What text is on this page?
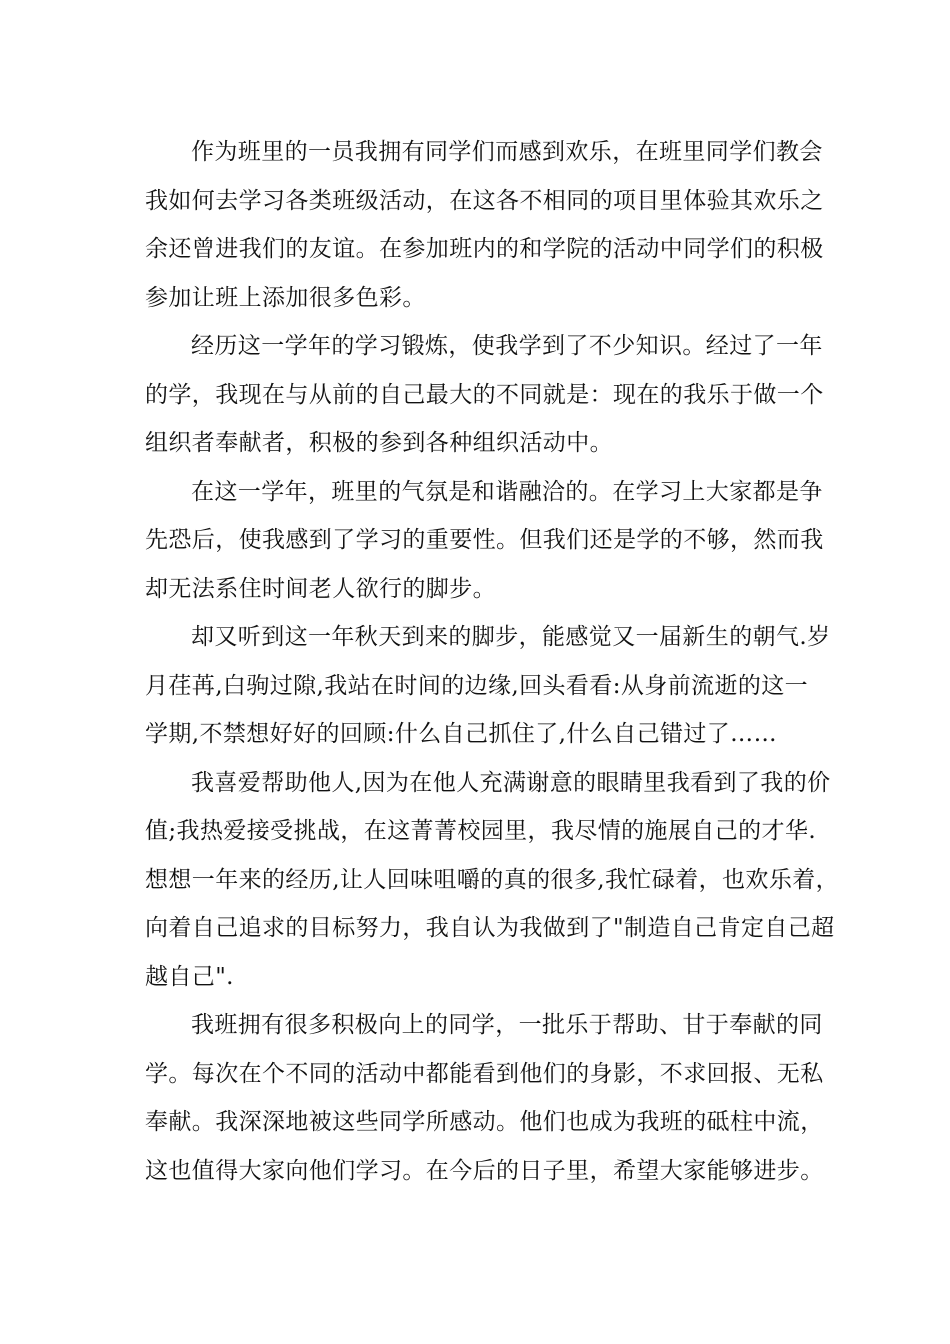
作为班里的一员我拥有同学们而感到欢乐，在班里同学们教会
我如何去学习各类班级活动，在这各不相同的项目里体验其欢乐之
余还曾进我们的友谊。在参加班内的和学院的活动中同学们的积极
参加让班上添加很多色彩。

经历这一学年的学习锻炼，使我学到了不少知识。经过了一年
的学，我现在与从前的自己最大的不同就是：现在的我乐于做一个
组织者奉献者，积极的参到各种组织活动中。

在这一学年，班里的气氛是和谐融洽的。在学习上大家都是争
先恐后，使我感到了学习的重要性。但我们还是学的不够，然而我
却无法系住时间老人欲行的脚步。

却又听到这一年秋天到来的脚步，能感觉又一届新生的朝气.岁
月荏苒,白驹过隙,我站在时间的边缘,回头看看:从身前流逝的这一
学期,不禁想好好的回顾:什么自己抓住了,什么自己错过了……

我喜爱帮助他人,因为在他人充满谢意的眼睛里我看到了我的价
值;我热爱接受挑战，在这菁菁校园里，我尽情的施展自己的才华.
想想一年来的经历,让人回味咀嚼的真的很多,我忙碌着，也欢乐着，
向着自己追求的目标努力，我自认为我做到了"制造自己肯定自己超
越自己".

我班拥有很多积极向上的同学，一批乐于帮助、甘于奉献的同
学。每次在个不同的活动中都能看到他们的身影，不求回报、无私
奉献。我深深地被这些同学所感动。他们也成为我班的砥柱中流，
这也值得大家向他们学习。在今后的日子里，希望大家能够进步。
